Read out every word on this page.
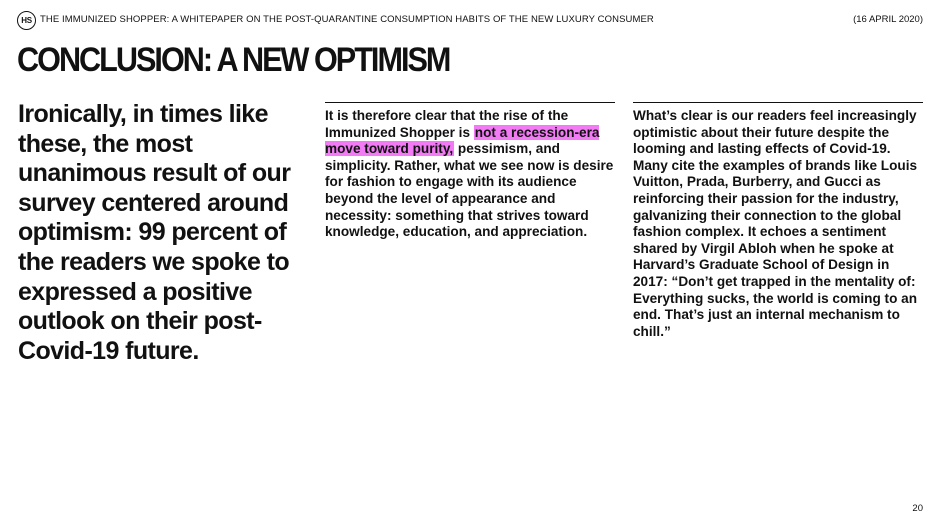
HS THE IMMUNIZED SHOPPER: A WHITEPAPER ON THE POST-QUARANTINE CONSUMPTION HABITS OF THE NEW LUXURY CONSUMER	(16 APRIL 2020)
CONCLUSION: A NEW OPTIMISM

Ironically, in times like these, the most unanimous result of our survey centered around optimism: 99 percent of the readers we spoke to expressed a positive outlook on their post-Covid-19 future.

It is therefore clear that the rise of the Immunized Shopper is not a recession-era move toward purity, pessimism, and simplicity. Rather, what we see now is desire for fashion to engage with its audience beyond the level of appearance and necessity: something that strives toward knowledge, education, and appreciation.

What’s clear is our readers feel increasingly optimistic about their future despite the looming and lasting effects of Covid-19. Many cite the examples of brands like Louis Vuitton, Prada, Burberry, and Gucci as reinforcing their passion for the industry, galvanizing their connection to the global fashion complex. It echoes a sentiment shared by Virgil Abloh when he spoke at Harvard’s Graduate School of Design in 2017: “Don’t get trapped in the mentality of: Everything sucks, the world is coming to an end. That’s just an internal mechanism to chill.”

20
